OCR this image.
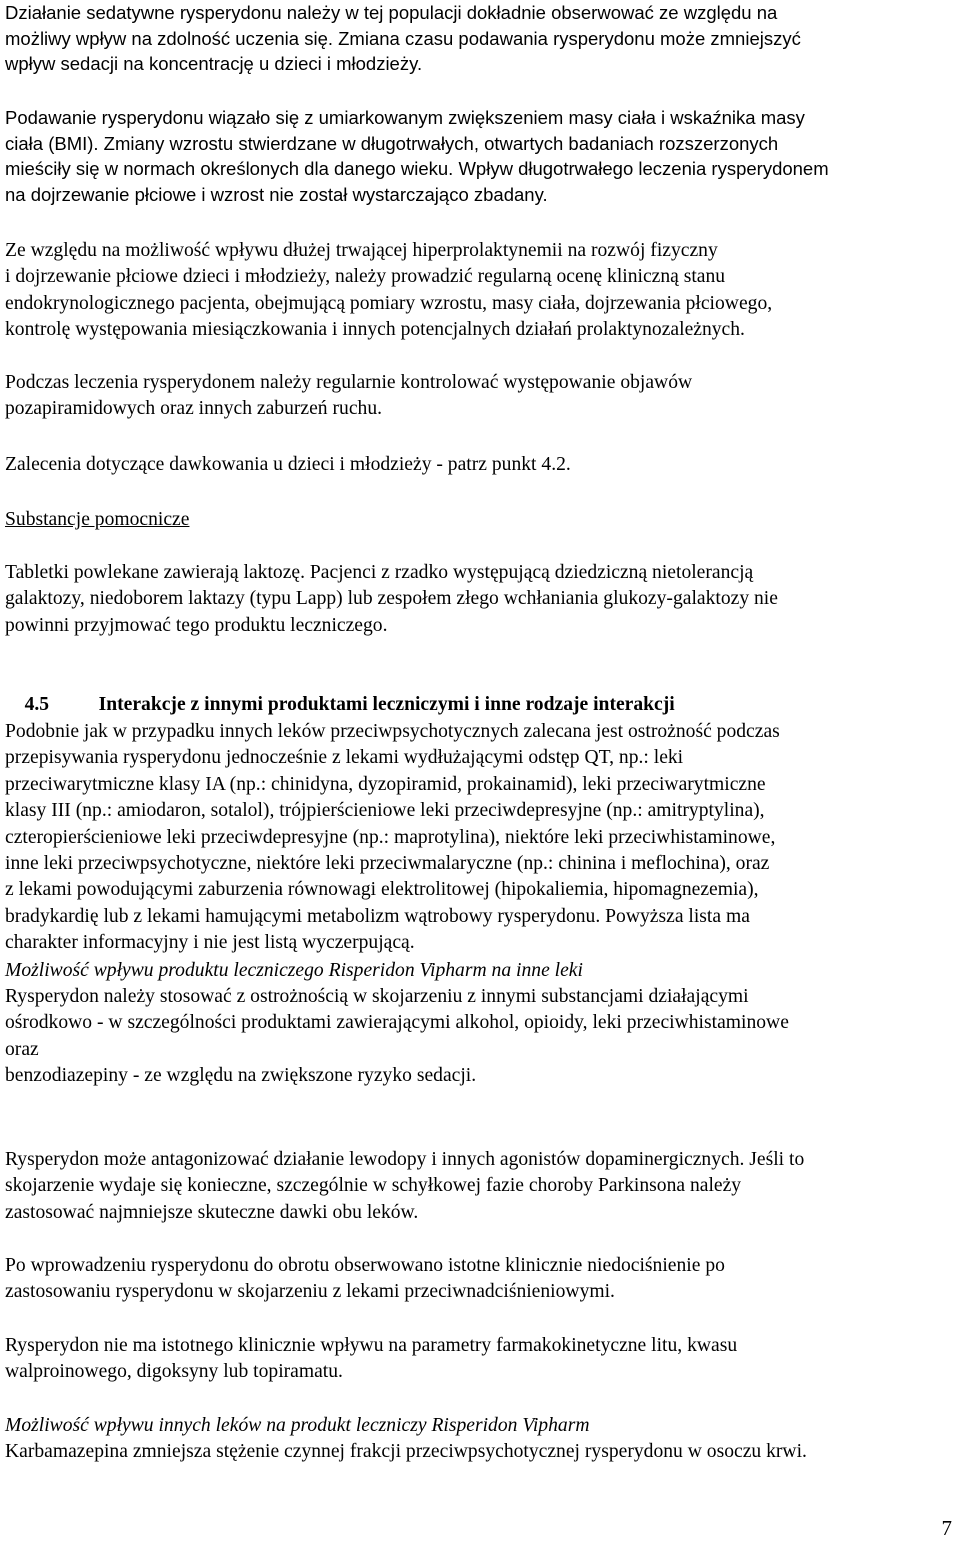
Działanie sedatywne rysperydonu należy w tej populacji dokładnie obserwować ze względu na
możliwy wpływ na zdolność uczenia się. Zmiana czasu podawania rysperydonu może zmniejszyć
wpływ sedacji na koncentrację u dzieci i młodzieży.

Podawanie rysperydonu wiązało się z umiarkowanym zwiększeniem masy ciała i wskaźnika masy
ciała (BMI). Zmiany wzrostu stwierdzane w długotrwałych, otwartych badaniach rozszerzonych
mieściły się w normach określonych dla danego wieku. Wpływ długotrwałego leczenia rysperydonem
na dojrzewanie płciowe i wzrost nie został wystarczająco zbadany.

Ze względu na możliwość wpływu dłużej trwającej hiperprolaktynemii na rozwój fizyczny
i dojrzewanie płciowe dzieci i młodzieży, należy prowadzić regularną ocenę kliniczną stanu
endokrynologicznego pacjenta, obejmującą pomiary wzrostu, masy ciała, dojrzewania płciowego,
kontrolę występowania miesiączkowania i innych potencjalnych działań prolaktynozależnych.

Podczas leczenia rysperydonem należy regularnie kontrolować występowanie objawów
pozapiramidowych oraz innych zaburzeń ruchu.

Zalecenia dotyczące dawkowania u dzieci i młodzieży - patrz punkt 4.2.

Substancje pomocnicze

Tabletki powlekane zawierają laktozę. Pacjenci z rzadko występującą dziedziczną nietolerancją
galaktozy, niedoborem laktazy (typu Lapp) lub zespołem złego wchłaniania glukozy-galaktozy nie
powinni przyjmować tego produktu leczniczego.

4.5	Interakcje z innymi produktami leczniczymi i inne rodzaje interakcji

Podobnie jak w przypadku innych leków przeciwpsychotycznych zalecana jest ostrożność podczas
przepisywania rysperydonu jednocześnie z lekami wydłużającymi odstęp QT, np.: leki
przeciwarytmiczne klasy IA (np.: chinidyna, dyzopiramid, prokainamid), leki przeciwarytmiczne
klasy III (np.: amiodaron, sotalol), trójpierścieniowe leki przeciwdepresyjne (np.: amitryptylina),
czteropierścieniowe leki przeciwdepresyjne (np.: maprotylina), niektóre leki przeciwhistaminowe,
inne leki przeciwpsychotyczne, niektóre leki przeciwmalaryczne (np.: chinina i meflochina), oraz
z lekami powodującymi zaburzenia równowagi elektrolitowej (hipokaliemia, hipomagnezemia),
bradykardię lub z lekami hamującymi metabolizm wątrobowy rysperydonu. Powyższa lista ma
charakter informacyjny i nie jest listą wyczerpującą.

Możliwość wpływu produktu leczniczego Risperidon Vipharm na inne leki

Rysperydon należy stosować z ostrożnością w skojarzeniu z innymi substancjami działającymi
ośrodkowo - w szczególności produktami zawierającymi alkohol, opioidy, leki przeciwhistaminowe
oraz
benzodiazepiny - ze względu na zwiększone ryzyko sedacji.

Rysperydon może antagonizować działanie lewodopy i innych agonistów dopaminergicznych. Jeśli to
skojarzenie wydaje się konieczne, szczególnie w schyłkowej fazie choroby Parkinsona należy
zastosować najmniejsze skuteczne dawki obu leków.

Po wprowadzeniu rysperydonu do obrotu obserwowano istotne klinicznie niedociśnienie po
zastosowaniu rysperydonu w skojarzeniu z lekami przeciwnadciśnieniowymi.

Rysperydon nie ma istotnego klinicznie wpływu na parametry farmakokinetyczne litu, kwasu
walproinowego, digoksyny lub topiramatu.

Możliwość wpływu innych leków na produkt leczniczy Risperidon Vipharm

Karbamazepina zmniejsza stężenie czynnej frakcji przeciwpsychotycznej rysperydonu w osoczu krwi.

7
